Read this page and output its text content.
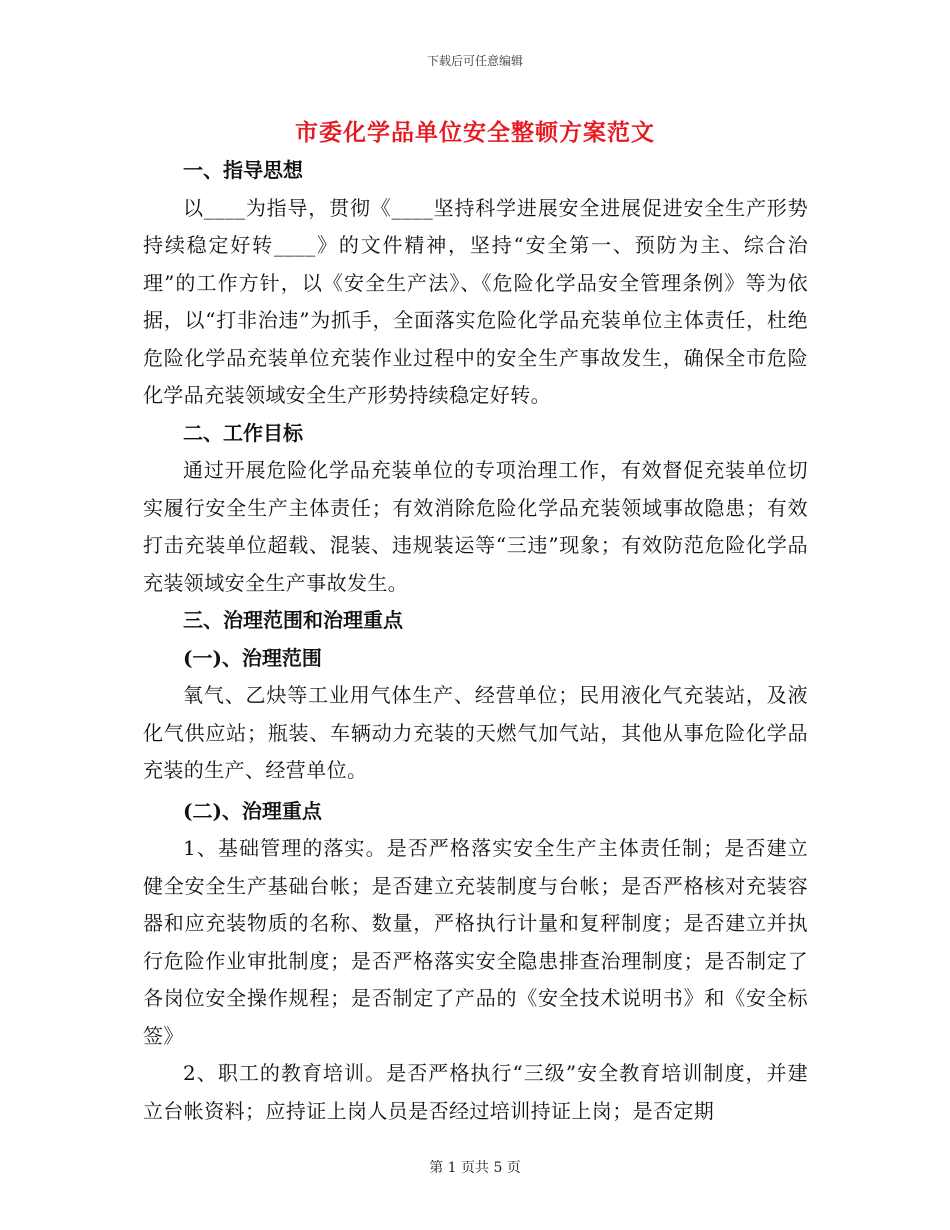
下载后可任意编辑
市委化学品单位安全整顿方案范文
一、指导思想

以____为指导，贯彻《____坚持科学进展安全进展促进安全生产形势持续稳定好转____》的文件精神，坚持“安全第一、预防为主、综合治理”的工作方针，以《安全生产法》、《危险化学品安全管理条例》等为依据，以“打非治违”为抓手，全面落实危险化学品充装单位主体责任，杜绝危险化学品充装单位充装作业过程中的安全生产事故发生，确保全市危险化学品充装领域安全生产形势持续稳定好转。

二、工作目标

通过开展危险化学品充装单位的专项治理工作，有效督促充装单位切实履行安全生产主体责任；有效消除危险化学品充装领域事故隐患；有效打击充装单位超载、混装、违规装运等“三违”现象；有效防范危险化学品充装领域安全生产事故发生。

三、治理范围和治理重点
(一)、治理范围

氧气、乙炔等工业用气体生产、经营单位；民用液化气充装站，及液化气供应站；瓶装、车辆动力充装的天燃气加气站，其他从事危险化学品充装的生产、经营单位。

(二)、治理重点

1、基础管理的落实。是否严格落实安全生产主体责任制；是否建立健全安全生产基础台帐；是否建立充装制度与台帐；是否严格核对充装容器和应充装物质的名称、数量，严格执行计量和复秤制度；是否建立并执行危险作业审批制度；是否严格落实安全隐患排查治理制度；是否制定了各岗位安全操作规程；是否制定了产品的《安全技术说明书》和《安全标签》

2、职工的教育培训。是否严格执行“三级”安全教育培训制度，并建立台帐资料；应持证上岗人员是否经过培训持证上岗；是否定期

第 1 页共 5 页
